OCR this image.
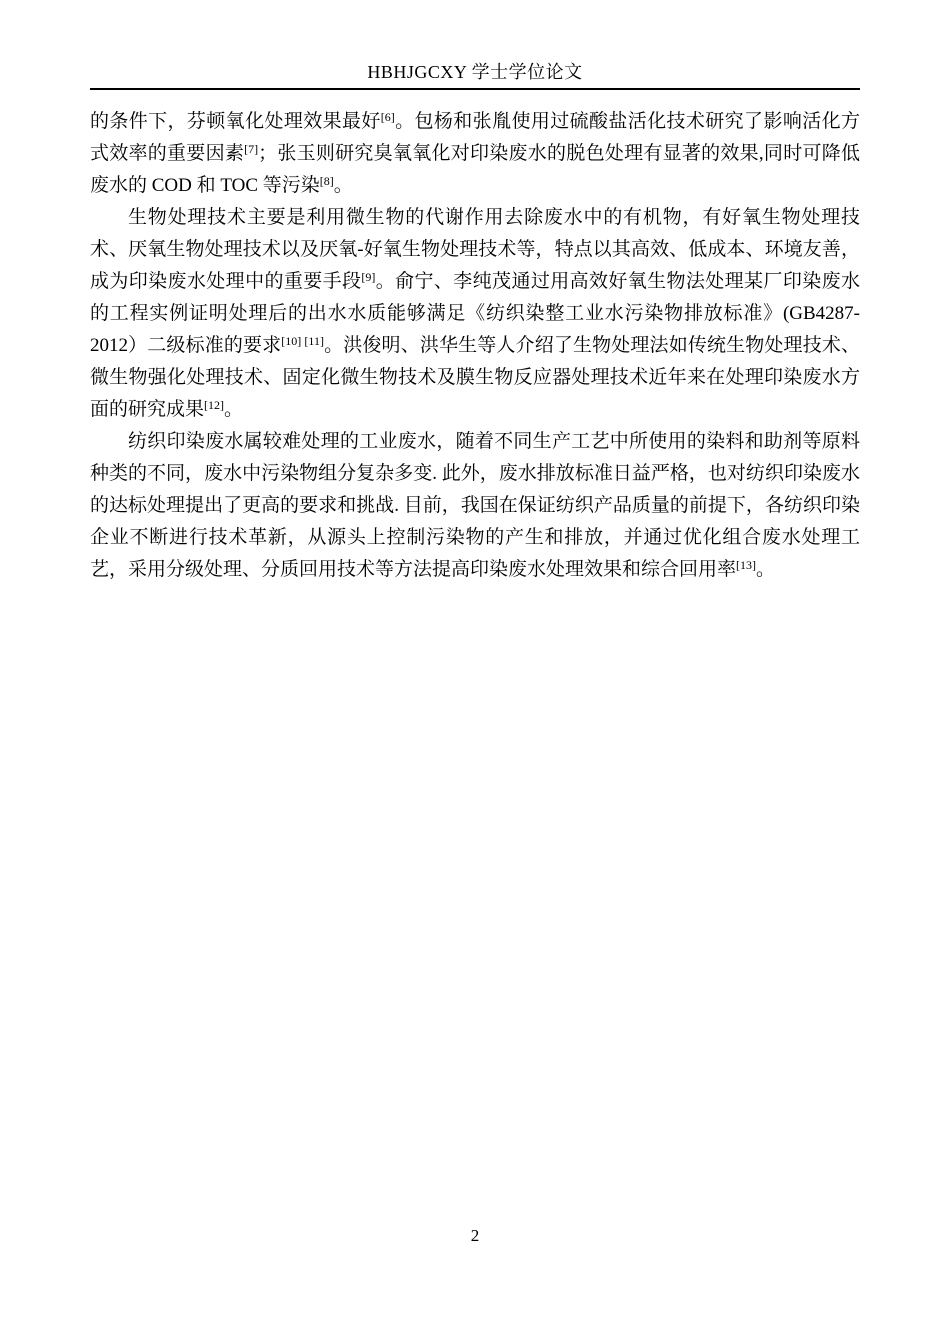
HBHJGCXY 学士学位论文

的条件下，芬顿氧化处理效果最好[6]。包杨和张胤使用过硫酸盐活化技术研究了影响活化方式效率的重要因素[7]；张玉则研究臭氧氧化对印染废水的脱色处理有显著的效果,同时可降低废水的 COD 和 TOC 等污染[8]。

生物处理技术主要是利用微生物的代谢作用去除废水中的有机物，有好氧生物处理技术、厌氧生物处理技术以及厌氧-好氧生物处理技术等，特点以其高效、低成本、环境友善，成为印染废水处理中的重要手段[9]。俞宁、李纯茂通过用高效好氧生物法处理某厂印染废水的工程实例证明处理后的出水水质能够满足《纺织染整工业水污染物排放标准》(GB4287-2012）二级标准的要求[10] [11]。洪俊明、洪华生等人介绍了生物处理法如传统生物处理技术、微生物强化处理技术、固定化微生物技术及膜生物反应器处理技术近年来在处理印染废水方面的研究成果[12]。

纺织印染废水属较难处理的工业废水，随着不同生产工艺中所使用的染料和助剂等原料种类的不同，废水中污染物组分复杂多变. 此外，废水排放标准日益严格，也对纺织印染废水的达标处理提出了更高的要求和挑战. 目前，我国在保证纺织产品质量的前提下，各纺织印染企业不断进行技术革新，从源头上控制污染物的产生和排放，并通过优化组合废水处理工艺，采用分级处理、分质回用技术等方法提高印染废水处理效果和综合回用率[13]。

2
